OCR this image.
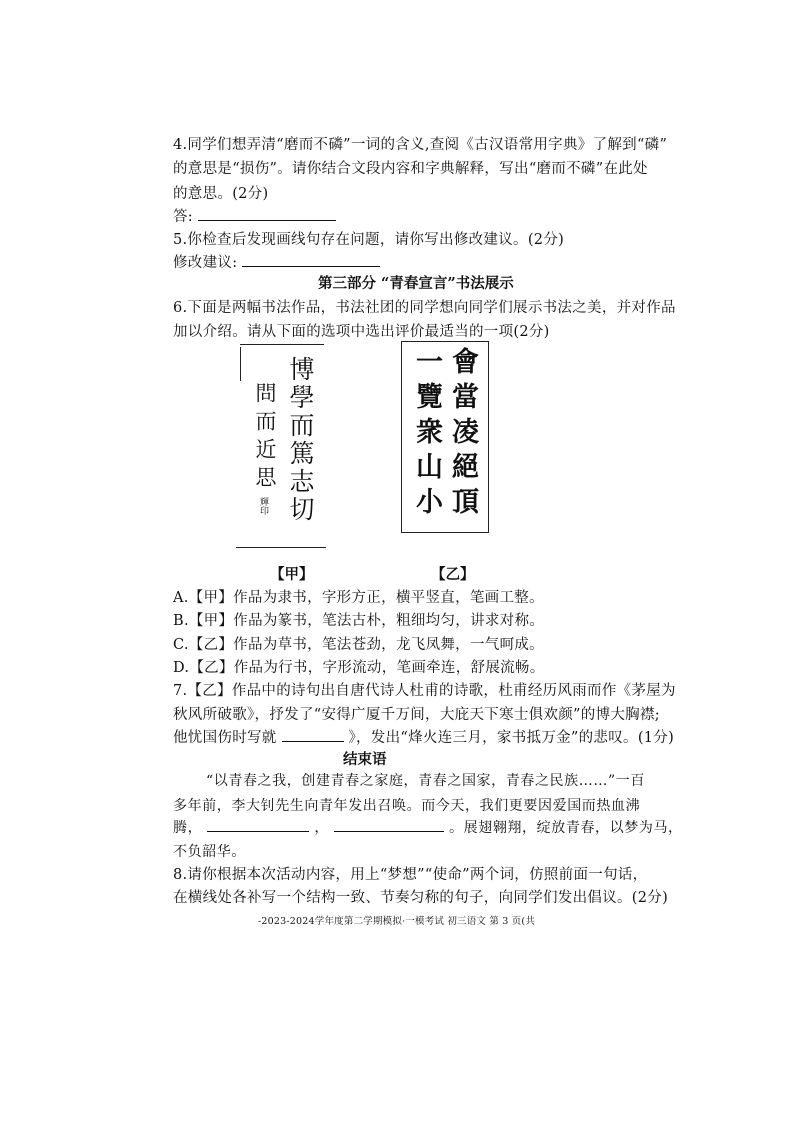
4.同学们想弄清“磨而不磷”一词的含义,查阅《古汉语常用字典》了解到“磷”
的意思是“损伤”。请你结合文段内容和字典解释，写出“磨而不磷”在此处
的意思。(2分)
答:
5.你检查后发现画线句存在问题，请你写出修改建议。(2分)
修改建议:
第三部分 “青春宣言”书法展示
6.下面是两幅书法作品，书法社团的同学想向同学们展示书法之美，并对作品
加以介绍。请从下面的选项中选出评价最适当的一项(2分)
博學而篤志切
問而近思
輝印	會當凌絕頂
一覽衆山小
【甲】	【乙】
A.【甲】作品为隶书，字形方正，横平竖直，笔画工整。
B.【甲】作品为篆书，笔法古朴，粗细均匀，讲求对称。
C.【乙】作品为草书，笔法苍劲，龙飞凤舞，一气呵成。
D.【乙】作品为行书，字形流动，笔画牵连，舒展流畅。
7.【乙】作品中的诗句出自唐代诗人杜甫的诗歌，杜甫经历风雨而作《茅屋为
秋风所破歌》，抒发了“安得广厦千万间，大庇天下寒士俱欢颜”的博大胸襟;
他忧国伤时写就	》，发出“烽火连三月，家书抵万金”的悲叹。(1分)
结束语
“以青春之我，创建青春之家庭，青春之国家，青春之民族……”一百
多年前，李大钊先生向青年发出召唤。而今天，我们更要因爱国而热血沸
腾，	，	。展翅翱翔，绽放青春，以梦为马，
不负韶华。
8.请你根据本次活动内容，用上“梦想”“使命”两个词，仿照前面一句话，
在横线处各补写一个结构一致、节奏匀称的句子，向同学们发出倡议。(2分)
-2023-2024学年度第二学期模拟·一模考试 初三语文 第 3 页(共
